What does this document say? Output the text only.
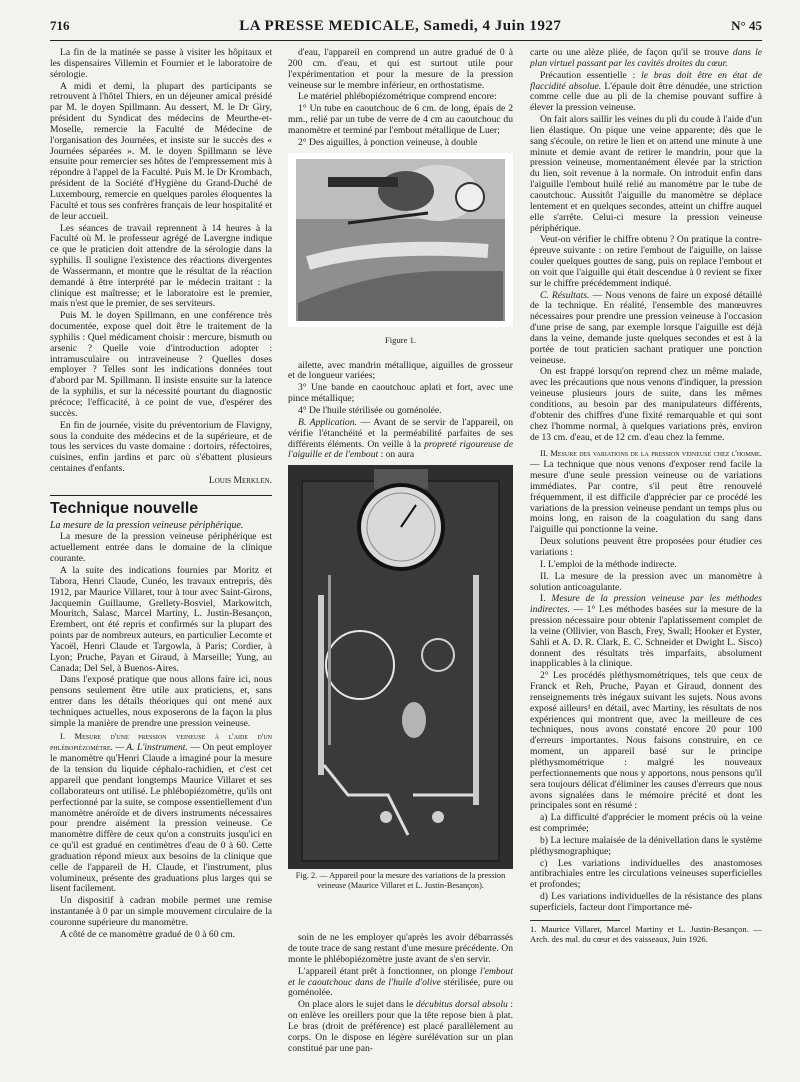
716	LA PRESSE MEDICALE, Samedi, 4 Juin 1927	N° 45

La fin de la matinée se passe à visiter les hôpitaux et les dispensaires Villemin et Fournier et le laboratoire de sérologie.

A midi et demi, la plupart des participants se retrouvent à l'hôtel Thiers, en un déjeuner amical présidé par M. le doyen Spillmann. Au dessert, M. le Dr Giry, président du Syndicat des médecins de Meurthe-et-Moselle, remercie la Faculté de Médecine de l'organisation des Journées, et insiste sur le succès des « Journées séparées ». M. le doyen Spillmann se lève ensuite pour remercier ses hôtes de l'empressement mis à répondre à l'appel de la Faculté. Puis M. le Dr Krombach, président de la Société d'Hygiène du Grand-Duché de Luxembourg, remercie en quelques paroles éloquentes la Faculté et tous ses confrères français de leur hospitalité et de leur accueil.

Les séances de travail reprennent à 14 heures à la Faculté où M. le professeur agrégé de Lavergne indique ce que le praticien doit attendre de la sérologie dans la syphilis. Il souligne l'existence des réactions divergentes de Wassermann, et montre que le résultat de la réaction demandé à être interprété par le médecin traitant : la clinique est maîtresse; et le laboratoire est le premier, mais n'est que le premier, de ses serviteurs.

Puis M. le doyen Spillmann, en une conférence très documentée, expose quel doit être le traitement de la syphilis : Quel médicament choisir : mercure, bismuth ou arsenic ? Quelle voie d'introduction adopter : intramusculaire ou intraveineuse ? Quelles doses employer ? Telles sont les indications données tout d'abord par M. Spillmann. Il insiste ensuite sur la latence de la syphilis, et sur la nécessité pourtant du diagnostic précoce; l'efficacité, à ce point de vue, d'espérer des succès.

En fin de journée, visite du préventorium de Flavigny, sous la conduite des médecins et de la supérieure, et de tous les services du vaste domaine : dortoirs, réfectoires, cuisines, enfin jardins et parc où s'ébattent plusieurs centaines d'enfants.

Louis Merklen.
Technique nouvelle

La mesure de la pression veineuse périphérique.

La mesure de la pression veineuse périphérique est actuellement entrée dans le domaine de la clinique courante.

A la suite des indications fournies par Moritz et Tabora, Henri Claude, Cunéo, les travaux entrepris, dès 1912, par Maurice Villaret, tour à tour avec Saint-Girons, Jacquemin Guillaume, Grellety-Bosviel, Markowitch, Mouritch, Salasc, Marcel Martiny, L. Justin-Besançon, Erembert, ont été repris et confirmés sur la plupart des points par de nombreux auteurs, en particulier Lecomte et Yacoël, Henri Claude et Targowla, à Paris; Cordier, à Lyon; Pruche, Payan et Giraud, à Marseille; Yung, au Canada; Del Sel, à Buenos-Aires.

Dans l'exposé pratique que nous allons faire ici, nous pensons seulement être utile aux praticiens, et, sans entrer dans les détails théoriques qui ont mené aux techniques actuelles, nous exposerons de la façon la plus simple la manière de prendre une pression veineuse.

I. Mesure d'une pression veineuse à l'aide d'un phlébopiézomètre. — A. L'instrument. — On peut employer le manomètre qu'Henri Claude a imaginé pour la mesure de la tension du liquide céphalo-rachidien, et c'est cet appareil que pendant longtemps Maurice Villaret et ses collaborateurs ont utilisé. Le phlébopiézomètre, qu'ils ont perfectionné par la suite, se compose essentiellement d'un manomètre anéroïde et de divers instruments nécessaires pour prendre aisément la pression veineuse. Ce manomètre diffère de ceux qu'on a construits jusqu'ici en ce qu'il est gradué en centimètres d'eau de 0 à 60. Cette graduation répond mieux aux besoins de la clinique que celle de l'appareil de H. Claude, et l'instrument, plus volumineux, présente des graduations plus larges qui se lisent facilement.

Un dispositif à cadran mobile permet une remise instantanée à 0 par un simple mouvement circulaire de la couronne supérieure du manomètre.

A côté de ce manomètre gradué de 0 à 60 cm.

d'eau, l'appareil en comprend un autre gradué de 0 à 200 cm. d'eau, et qui est surtout utile pour l'expérimentation et pour la mesure de la pression veineuse sur le membre inférieur, en orthostatisme.

Le matériel phlébopiézométrique comprend encore:

1° Un tube en caoutchouc de 6 cm. de long, épais de 2 mm., relié par un tube de verre de 4 cm au caoutchouc du manomètre et terminé par l'embout métallique de Luer;

2° Des aiguilles, à ponction veineuse, à double

Figure 1.

ailette, avec mandrin métallique, aiguilles de grosseur et de longueur variées;

3° Une bande en caoutchouc aplati et fort, avec une pince métallique;

4° De l'huile stérilisée ou goménolée.

B. Application. — Avant de se servir de l'appareil, on vérifie l'étanchéité et la perméabilité parfaites de ses différents éléments. On veille à la propreté rigoureuse de l'aiguille et de l'embout : on aura

Fig. 2. — Appareil pour la mesure des variations de la pression veineuse (Maurice Villaret et L. Justin-Besançon).

soin de ne les employer qu'après les avoir débarrassés de toute trace de sang restant d'une mesure précédente. On monte le phlébopiézomètre juste avant de s'en servir.

L'appareil étant prêt à fonctionner, on plonge l'embout et le caoutchouc dans de l'huile d'olive stérilisée, pure ou goménolée.

On place alors le sujet dans le décubitus dorsal absolu : on enlève les oreillers pour que la tête repose bien à plat. Le bras (droit de préférence) est placé parallèlement au corps. On le dispose en légère surélévation sur un plan constitué par une pan-

carte ou une alèze pliée, de façon qu'il se trouve dans le plan virtuel passant par les cavités droites du cœur.

Précaution essentielle : le bras doit être en état de flaccidité absolue. L'épaule doit être dénudée, une striction comme celle due au pli de la chemise pouvant suffire à élever la pression veineuse.

On fait alors saillir les veines du pli du coude à l'aide d'un lien élastique. On pique une veine apparente; dès que le sang s'écoule, on retire le lien et on attend une minute à une minute et demie avant de retirer le mandrin, pour que la pression veineuse, momentanément élevée par la striction du lien, soit revenue à la normale. On introduit enfin dans l'aiguille l'embout huilé relié au manomètre par le tube de caoutchouc. Aussitôt l'aiguille du manomètre se déplace lentement et en quelques secondes, atteint un chiffre auquel elle s'arrête. Celui-ci mesure la pression veineuse périphérique.

Veut-on vérifier le chiffre obtenu ? On pratique la contre-épreuve suivante : on retire l'embout de l'aiguille, on laisse couler quelques gouttes de sang, puis on replace l'embout et on voit que l'aiguille qui était descendue à 0 revient se fixer sur le chiffre précédemment indiqué.

C. Résultats. — Nous venons de faire un exposé détaillé de la technique. En réalité, l'ensemble des manœuvres nécessaires pour prendre une pression veineuse à l'occasion d'une prise de sang, par exemple lorsque l'aiguille est déjà dans la veine, demande juste quelques secondes et est à la portée de tout praticien sachant pratiquer une ponction veineuse.

On est frappé lorsqu'on reprend chez un même malade, avec les précautions que nous venons d'indiquer, la pression veineuse plusieurs jours de suite, dans les mêmes conditions, au besoin par des manipulateurs différents, d'obtenir des chiffres d'une fixité remarquable et qui sont chez l'homme normal, à quelques variations près, environ de 13 cm. d'eau, et de 12 cm. d'eau chez la femme.

II. Mesure des variations de la pression veineuse chez l'homme. — La technique que nous venons d'exposer rend facile la mesure d'une seule pression veineuse ou de variations immédiates. Par contre, s'il peut être renouvelé fréquemment, il est difficile d'apprécier par ce procédé les variations de la pression veineuse pendant un temps plus ou moins long, en raison de la coagulation du sang dans l'aiguille qui ponctionne la veine.

Deux solutions peuvent être proposées pour étudier ces variations :

I. L'emploi de la méthode indirecte.

II. La mesure de la pression avec un manomètre à solution anticoagulante.

I. Mesure de la pression veineuse par les méthodes indirectes. — 1° Les méthodes basées sur la mesure de la pression nécessaire pour obtenir l'aplatissement complet de la veine (Ollivier, von Basch, Frey, Swall; Hooker et Eyster, Sahli et A. D. R. Clark, E. C. Schneider et Dwight L. Sisco) donnent des résultats très imparfaits, absolument inapplicables à la clinique.

2° Les procédés pléthysmométriques, tels que ceux de Franck et Reh, Pruche, Payan et Giraud, donnent des renseignements très inégaux suivant les sujets. Nous avons exposé ailleurs¹ en détail, avec Martiny, les résultats de nos expériences qui montrent que, avec la meilleure de ces techniques, nous avons constaté encore 20 pour 100 d'erreurs importantes. Nous faisons construire, en ce moment, un appareil basé sur le principe pléthysmométrique : malgré les nouveaux perfectionnements que nous y apportons, nous pensons qu'il sera toujours délicat d'éliminer les causes d'erreurs que nous avons signalées dans le mémoire précité et dont les principales sont en résumé :

a) La difficulté d'apprécier le moment précis où la veine est comprimée;

b) La lecture malaisée de la dénivellation dans le système pléthysmographique;

c) Les variations individuelles des anastomoses antibrachiales entre les circulations veineuses superficielles et profondes;

d) Les variations individuelles de la résistance des plans superficiels, facteur dont l'importance mé-

1. Maurice Villaret, Marcel Martiny et L. Justin-Besançon. — Arch. des mal. du cœur et des vaisseaux, Juin 1926.
